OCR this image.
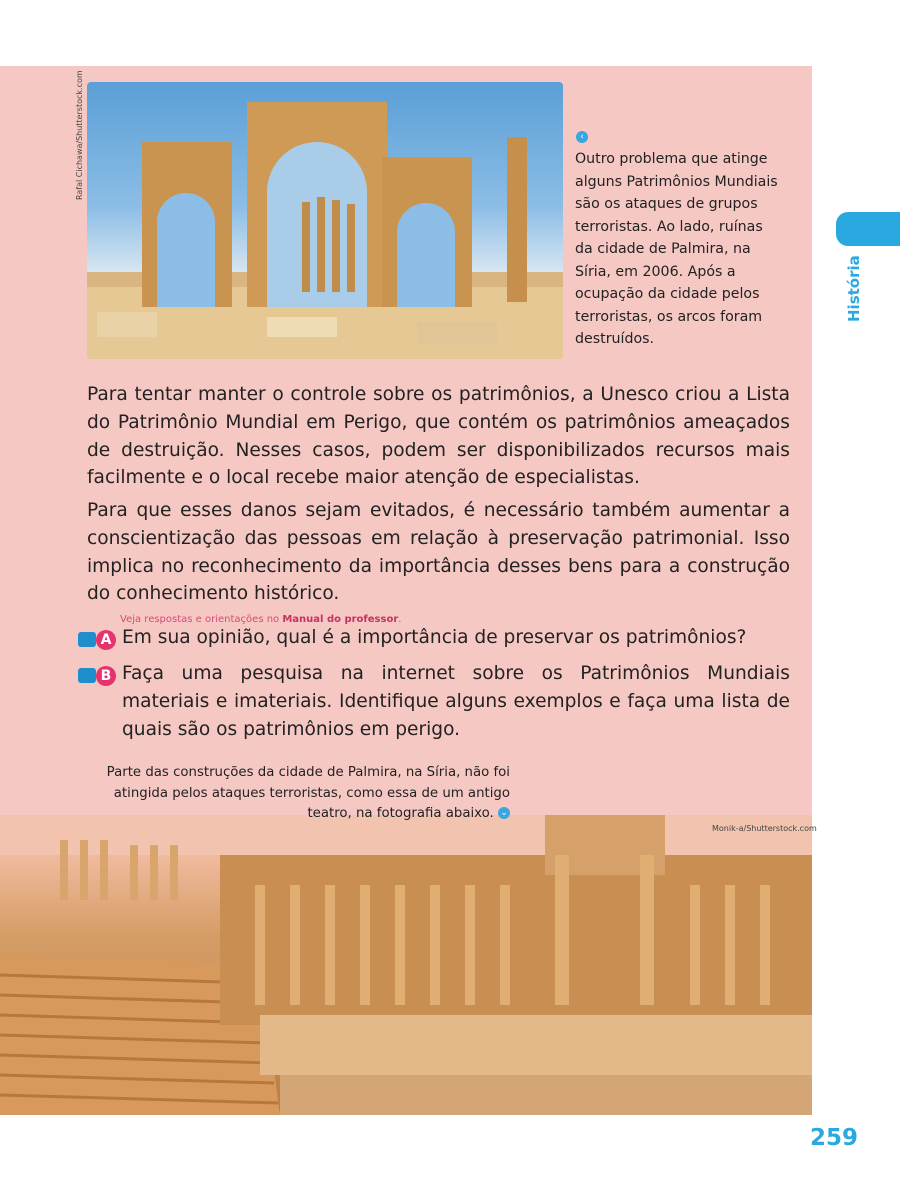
História
Rafal Cichawa/Shutterstock.com	‹
Outro problema que atinge alguns Patrimônios Mundiais são os ataques de grupos terroristas. Ao lado, ruínas da cidade de Palmira, na Síria, em 2006. Após a ocupação da cidade pelos terroristas, os arcos foram destruídos.
Para tentar manter o controle sobre os patrimônios, a Unesco criou a Lista do Patrimônio Mundial em Perigo, que contém os patrimônios ameaçados de destruição. Nesses casos, podem ser disponibilizados recursos mais facilmente e o local recebe maior atenção de especialistas.
Para que esses danos sejam evitados, é necessário também aumentar a conscientização das pessoas em relação à preservação patrimonial. Isso implica no reconhecimento da importância desses bens para a construção do conhecimento histórico.
Veja respostas e orientações no Manual do professor.
A Em sua opinião, qual é a importância de preservar os patrimônios?
B Faça uma pesquisa na internet sobre os Patrimônios Mundiais materiais e imateriais. Identifique alguns exemplos e faça uma lista de quais são os patrimônios em perigo.
Monik-a/Shutterstock.com
Parte das construções da cidade de Palmira, na Síria, não foi atingida pelos ataques terroristas, como essa de um antigo teatro, na fotografia abaixo. ⌄
259
